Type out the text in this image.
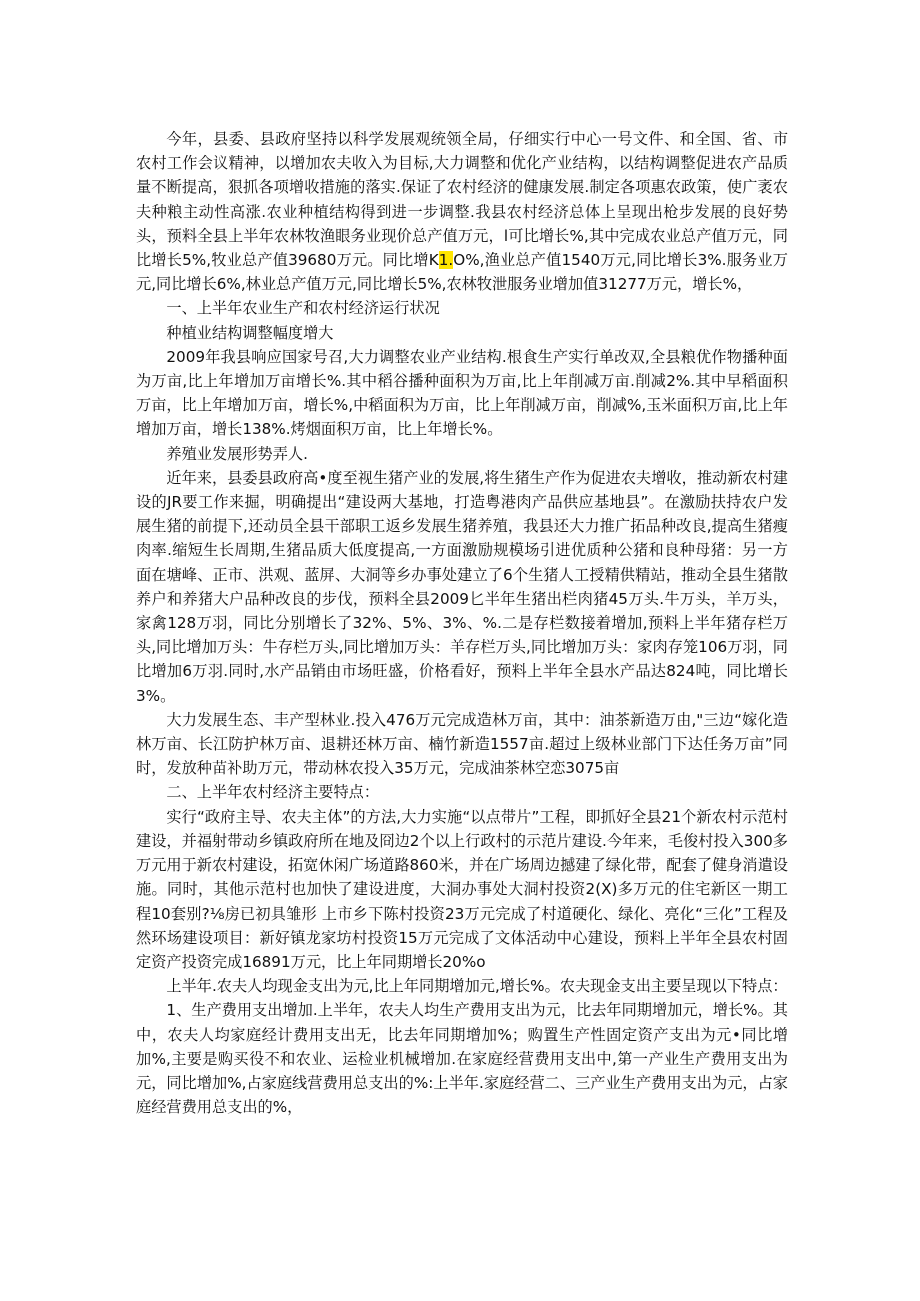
今年，县委、县政府坚持以科学发展观统领全局，仔细实行中心一号文件、和全国、省、市农村工作会议精神，以增加农夫收入为目标,大力调整和优化产业结构，以结构调整促进农产品质量不断提高，狠抓各项增收措施的落实.保证了农村经济的健康发展.制定各项惠农政策，使广袤农夫种粮主动性高涨.农业种植结构得到进一步调整.我县农村经济总体上呈现出枪步发展的良好势头，预料全县上半年农林牧渔眼务业现价总产值万元，l可比增长%,其中完成农业总产值万元，同比增长5%,牧业总产值39680万元。同比增K1.O%,渔业总产值1540万元,同比增长3%.服务业万元,同比增长6%,林业总产值万元,同比增长5%,农林牧泄服务业增加值31277万元，增长%，

一、上半年农业生产和农村经济运行状况

种植业结构调整幅度增大

2009年我县响应国家号召,大力调整农业产业结构.根食生产实行单改双,全县粮优作物播种面为万亩,比上年增加万亩增长%.其中稻谷播种面积为万亩,比上年削减万亩.削减2%.其中早稻面积万亩，比上年增加万亩，增长%,中稻面积为万亩，比上年削减万亩，削减%,玉米面积万亩,比上年增加万亩，增长138%.烤烟面积万亩，比上年增长%。

养殖业发展形势弄人.

近年来，县委县政府高•度至视生猪产业的发展,将生猪生产作为促进农夫增收，推动新农村建设的JR要工作来掘，明确提出“建设两大基地，打造粤港肉产品供应基地县”。在激励扶持农户发展生猪的前提下,还动员全县干部职工返乡发展生猪养殖，我县还大力推广拓品种改良,提高生猪瘦肉率.缩短生长周期,生猪品质大低度提高,一方面激励规模场引进优质种公猪和良种母猪：另一方面在塘峰、正市、洪观、蓝屏、大洞等乡办事处建立了6个生猪人工授精供精站，推动全县生猪散养户和养猪大户品种改良的步伐，预料全县2009匕半年生猪出栏肉猪45万头.牛万头，羊万头，家禽128万羽，同比分别增长了32%、5%、3%、%.二是存栏数接着增加,预料上半年猪存栏万头,同比增加万头：牛存栏万头,同比增加万头：羊存栏万头,同比增加万头：家肉存笼106万羽，同比增加6万羽.同时,水产品销由市场旺盛，价格看好，预料上半年全县水产品达824吨，同比增长3%。

大力发展生态、丰产型林业.投入476万元完成造林万亩，其中：油茶新造万由,"三边“嫁化造林万亩、长江防护林万亩、退耕还林万亩、楠竹新造1557亩.超过上级林业部门下达任务万亩”同时，发放种苗补助万元，带动林农投入35万元，完成油茶林空恋3075亩

二、上半年农村经济主要特点：

实行“政府主导、农夫主体”的方法,大力实施“以点带片”工程，即抓好全县21个新农村示范村建设，并福射带动乡镇政府所在地及冏边2个以上行政村的示范片建设.今年来，毛俊村投入300多万元用于新农村建设，拓宽休闲广场道路860米，并在广场周边撼建了绿化带，配套了健身消遣设施。同时，其他示范村也加快了建设进度，大洞办事处大洞村投资2(X)多万元的住宅新区一期工程10套别?⅛房已初具雏形 上市乡下陈村投资23万元完成了村道硬化、绿化、亮化“三化”工程及然环场建设项目：新好镇龙家坊村投资15万元完成了文体活动中心建设，预料上半年全县农村固定资产投资完成16891万元，比上年同期增长20%o

上半年.农夫人均现金支出为元,比上年同期增加元,增长%。农夫现金支出主要呈现以下特点：

1、生产费用支出增加.上半年，农夫人均生产费用支出为元，比去年同期增加元，增长%。其中，农夫人均家庭经计费用支出无，比去年同期增加%；购置生产性固定资产支出为元•同比增加%,主要是购买役不和农业、运检业机械增加.在家庭经营费用支出中,第一产业生产费用支出为元，同比增加%,占家庭线营费用总支出的%:上半年.家庭经营二、三产业生产费用支出为元，占家庭经营费用总支出的%，
